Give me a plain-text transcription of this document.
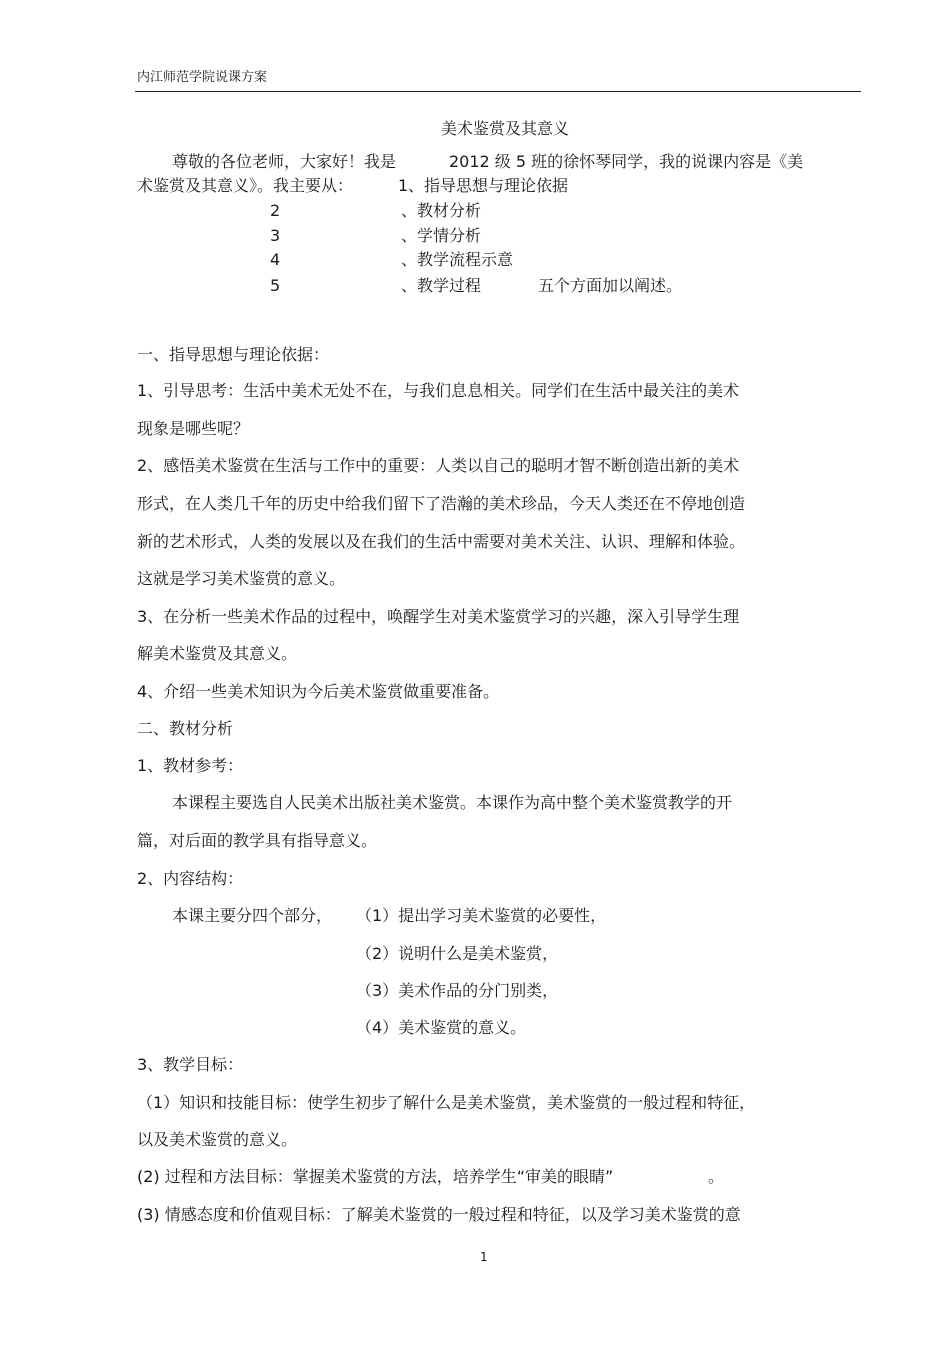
内江师范学院说课方案
美术鉴赏及其意义
尊敬的各位老师，大家好！我是	2012 级 5 班的徐怀琴同学，我的说课内容是《美
术鉴赏及其意义》。我主要从：	1 、指导思想与理论依据
2	、教材分析
3	、学情分析
4	、教学流程示意
5	、教学过程	五个方面加以阐述。
一、指导思想与理论依据：
1、引导思考：生活中美术无处不在，与我们息息相关。同学们在生活中最关注的美术
现象是哪些呢？
2、感悟美术鉴赏在生活与工作中的重要：人类以自己的聪明才智不断创造出新的美术
形式，在人类几千年的历史中给我们留下了浩瀚的美术珍品，今天人类还在不停地创造
新的艺术形式，人类的发展以及在我们的生活中需要对美术关注、认识、理解和体验。
这就是学习美术鉴赏的意义。
3、在分析一些美术作品的过程中，唤醒学生对美术鉴赏学习的兴趣，深入引导学生理
解美术鉴赏及其意义。
4、介绍一些美术知识为今后美术鉴赏做重要准备。
二、教材分析
1、教材参考：
本课程主要选自人民美术出版社美术鉴赏。本课作为高中整个美术鉴赏教学的开
篇，对后面的教学具有指导意义。
2、内容结构：
本课主要分四个部分， （1）提出学习美术鉴赏的必要性，
（2）说明什么是美术鉴赏，
（3）美术作品的分门别类，
（4）美术鉴赏的意义。
3、教学目标：
（1）知识和技能目标：使学生初步了解什么是美术鉴赏，美术鉴赏的一般过程和特征，
以及美术鉴赏的意义。
(2) 过程和方法目标：掌握美术鉴赏的方法，培养学生“审美的眼睛”	。
(3) 情感态度和价值观目标：了解美术鉴赏的一般过程和特征，以及学习美术鉴赏的意
1
